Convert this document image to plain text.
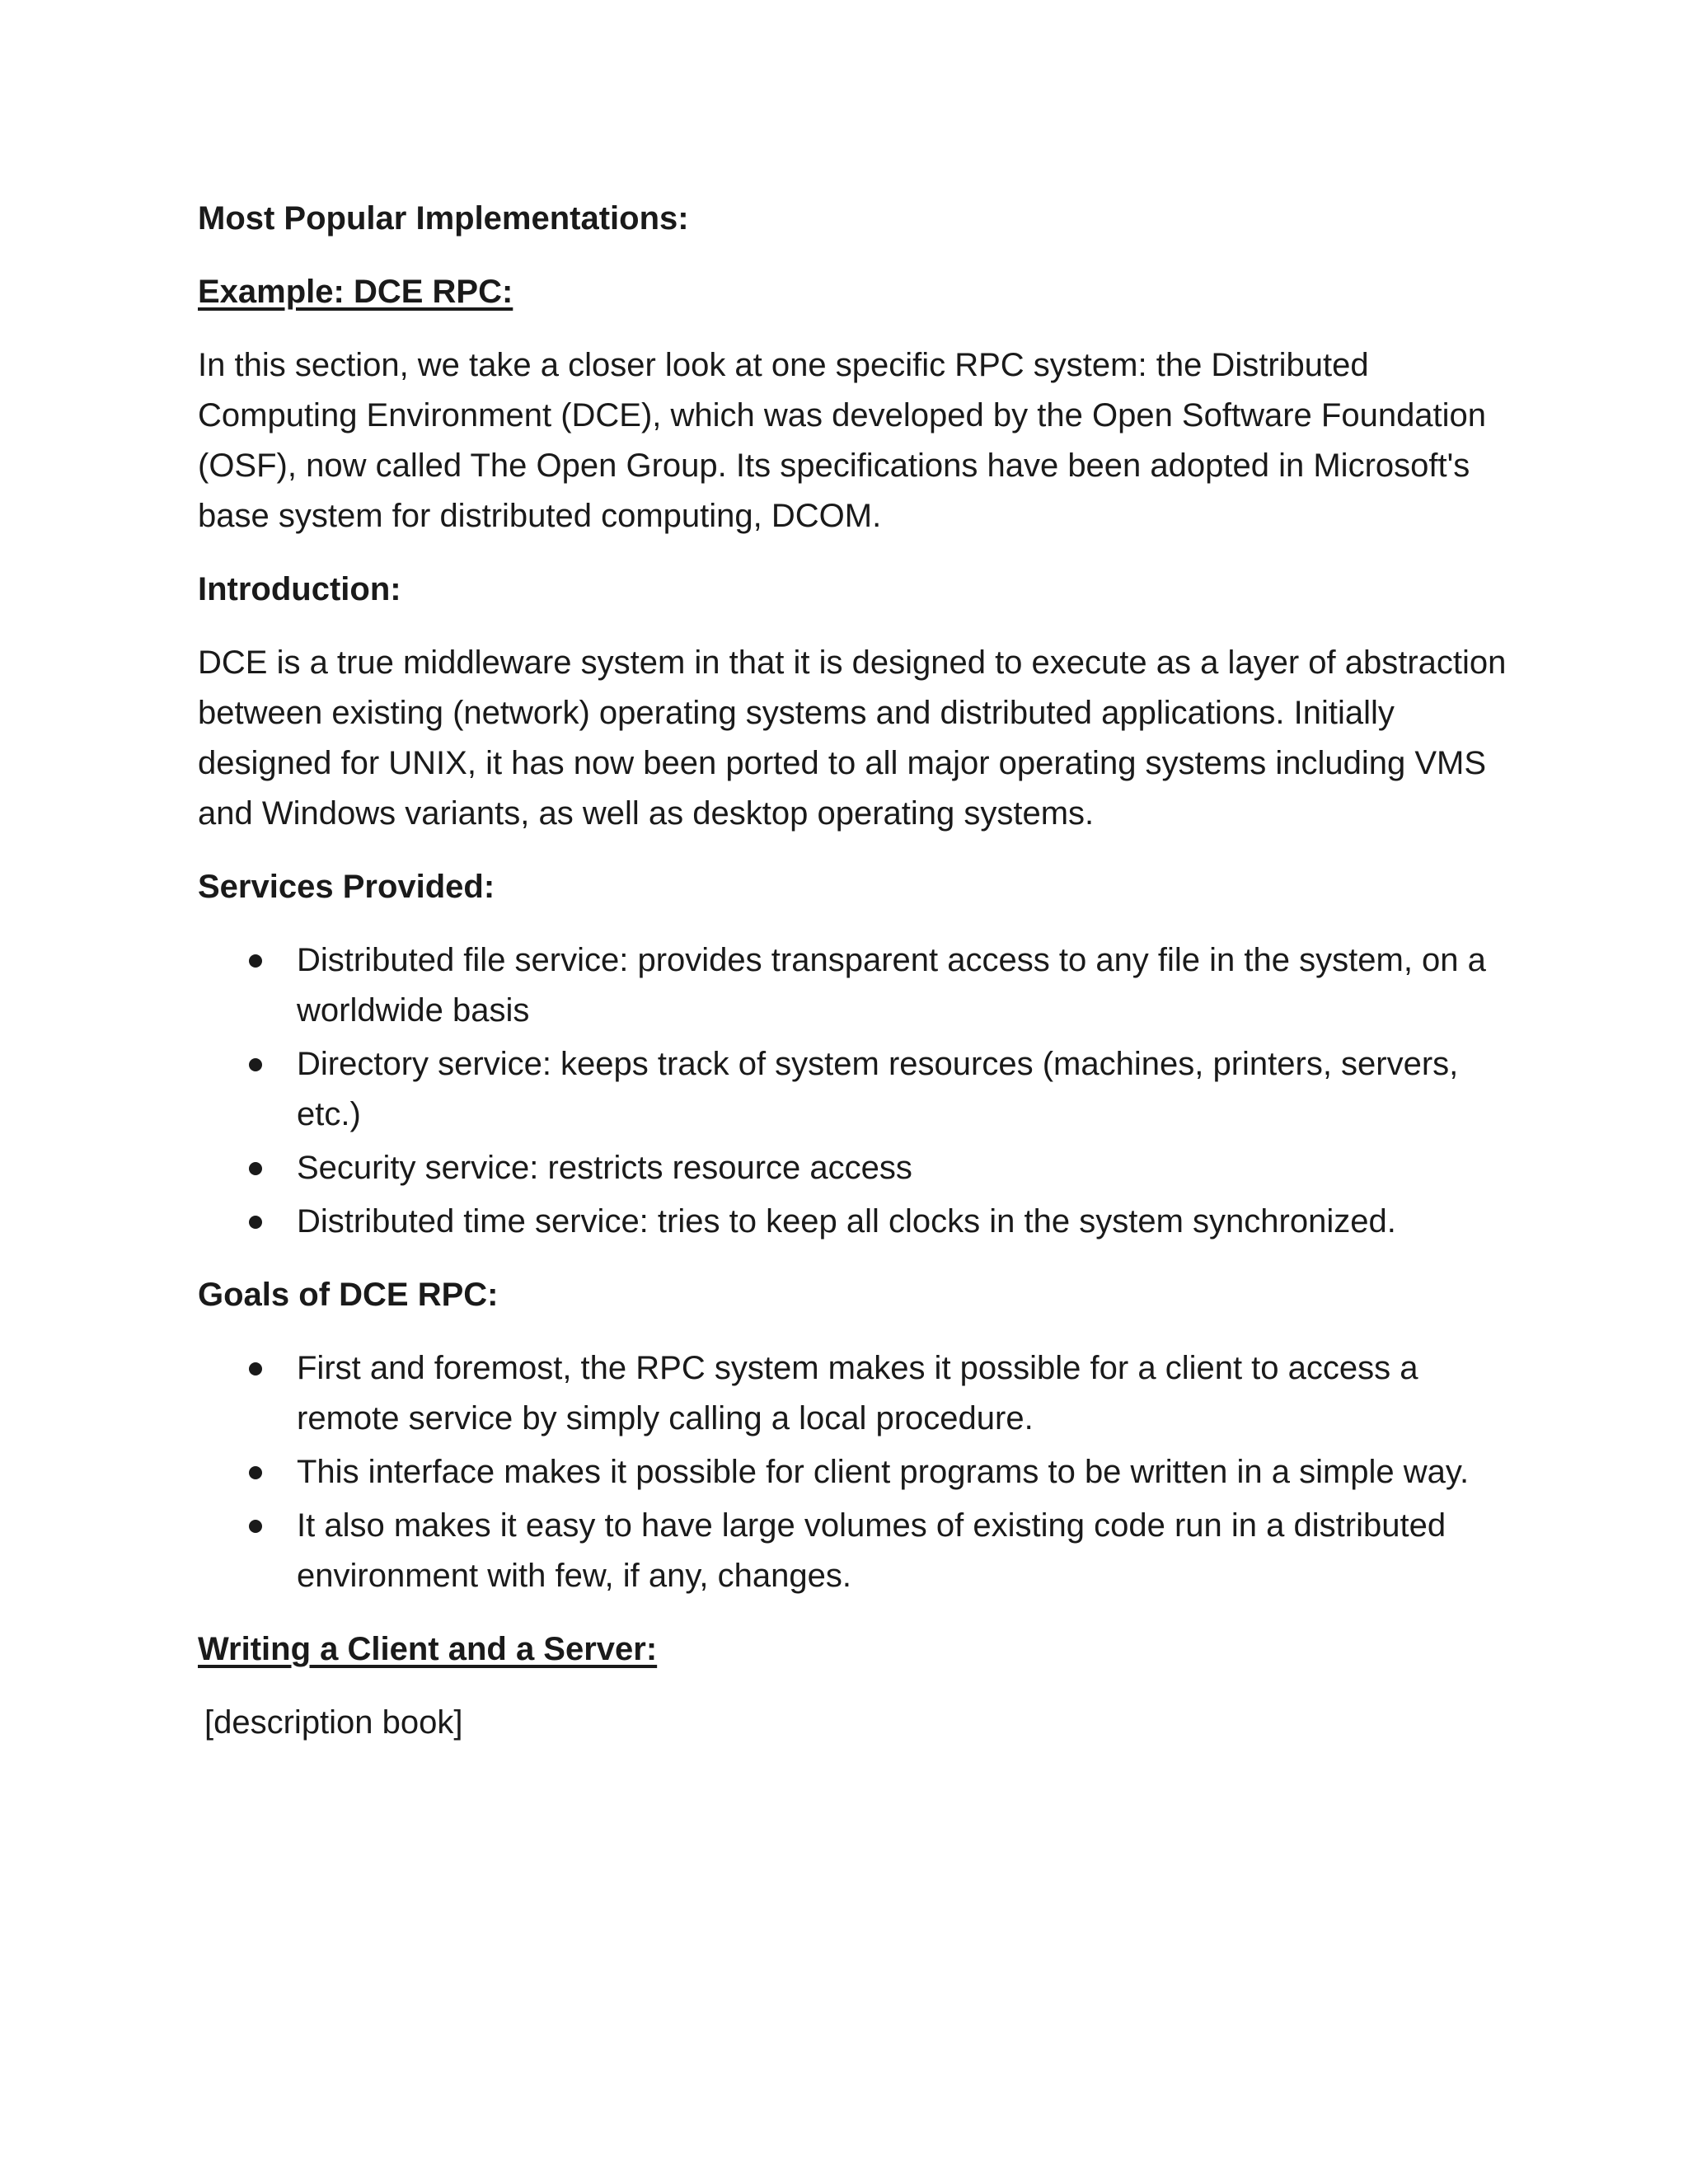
Most Popular Implementations:
Example: DCE RPC:
In this section, we take a closer look at one specific RPC system: the Distributed Computing Environment (DCE), which was developed by the Open Software Foundation (OSF), now called The Open Group. Its specifications have been adopted in Microsoft's base system for distributed computing, DCOM.
Introduction:
DCE is a true middleware system in that it is designed to execute as a layer of abstraction between existing (network) operating systems and distributed applications. Initially designed for UNIX, it has now been ported to all major operating systems including VMS and Windows variants, as well as desktop operating systems.
Services Provided:
Distributed file service: provides transparent access to any file in the system, on a worldwide basis
Directory service: keeps track of system resources (machines, printers, servers, etc.)
Security service: restricts resource access
Distributed time service: tries to keep all clocks in the system synchronized.
Goals of DCE RPC:
First and foremost, the RPC system makes it possible for a client to access a remote service by simply calling a local procedure.
This interface makes it possible for client programs to be written in a simple way.
It also makes it easy to have large volumes of existing code run in a distributed environment with few, if any, changes.
Writing a Client and a Server:
[description book]
